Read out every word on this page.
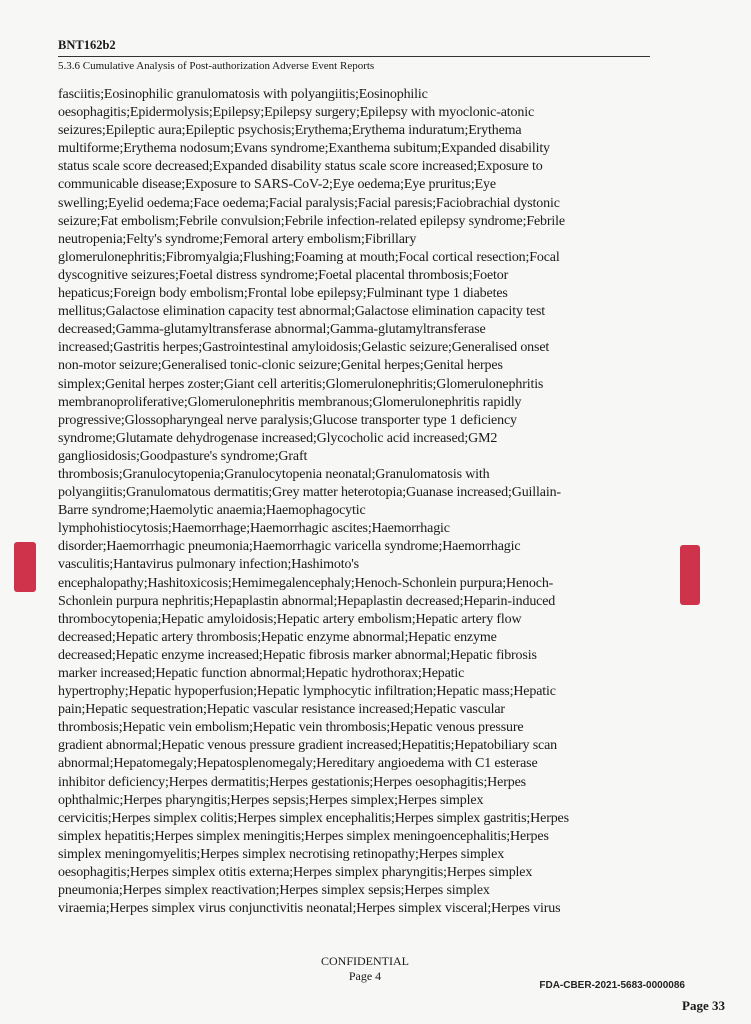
BNT162b2
5.3.6 Cumulative Analysis of Post-authorization Adverse Event Reports
fasciitis;Eosinophilic granulomatosis with polyangiitis;Eosinophilic
oesophagitis;Epidermolysis;Epilepsy;Epilepsy surgery;Epilepsy with myoclonic-atonic
seizures;Epileptic aura;Epileptic psychosis;Erythema;Erythema induratum;Erythema
multiforme;Erythema nodosum;Evans syndrome;Exanthema subitum;Expanded disability
status scale score decreased;Expanded disability status scale score increased;Exposure to
communicable disease;Exposure to SARS-CoV-2;Eye oedema;Eye pruritus;Eye
swelling;Eyelid oedema;Face oedema;Facial paralysis;Facial paresis;Faciobrachial dystonic
seizure;Fat embolism;Febrile convulsion;Febrile infection-related epilepsy syndrome;Febrile
neutropenia;Felty's syndrome;Femoral artery embolism;Fibrillary
glomerulonephritis;Fibromyalgia;Flushing;Foaming at mouth;Focal cortical resection;Focal
dyscognitive seizures;Foetal distress syndrome;Foetal placental thrombosis;Foetor
hepaticus;Foreign body embolism;Frontal lobe epilepsy;Fulminant type 1 diabetes
mellitus;Galactose elimination capacity test abnormal;Galactose elimination capacity test
decreased;Gamma-glutamyltransferase abnormal;Gamma-glutamyltransferase
increased;Gastritis herpes;Gastrointestinal amyloidosis;Gelastic seizure;Generalised onset
non-motor seizure;Generalised tonic-clonic seizure;Genital herpes;Genital herpes
simplex;Genital herpes zoster;Giant cell arteritis;Glomerulonephritis;Glomerulonephritis
membranoproliferative;Glomerulonephritis membranous;Glomerulonephritis rapidly
progressive;Glossopharyngeal nerve paralysis;Glucose transporter type 1 deficiency
syndrome;Glutamate dehydrogenase increased;Glycocholic acid increased;GM2
gangliosidosis;Goodpasture's syndrome;Graft
thrombosis;Granulocytopenia;Granulocytopenia neonatal;Granulomatosis with
polyangiitis;Granulomatous dermatitis;Grey matter heterotopia;Guanase increased;Guillain-
Barre syndrome;Haemolytic anaemia;Haemophagocytic
lymphohistiocytosis;Haemorrhage;Haemorrhagic ascites;Haemorrhagic
disorder;Haemorrhagic pneumonia;Haemorrhagic varicella syndrome;Haemorrhagic
vasculitis;Hantavirus pulmonary infection;Hashimoto's
encephalopathy;Hashitoxicosis;Hemimegalencephaly;Henoch-Schonlein purpura;Henoch-
Schonlein purpura nephritis;Hepaplastin abnormal;Hepaplastin decreased;Heparin-induced
thrombocytopenia;Hepatic amyloidosis;Hepatic artery embolism;Hepatic artery flow
decreased;Hepatic artery thrombosis;Hepatic enzyme abnormal;Hepatic enzyme
decreased;Hepatic enzyme increased;Hepatic fibrosis marker abnormal;Hepatic fibrosis
marker increased;Hepatic function abnormal;Hepatic hydrothorax;Hepatic
hypertrophy;Hepatic hypoperfusion;Hepatic lymphocytic infiltration;Hepatic mass;Hepatic
pain;Hepatic sequestration;Hepatic vascular resistance increased;Hepatic vascular
thrombosis;Hepatic vein embolism;Hepatic vein thrombosis;Hepatic venous pressure
gradient abnormal;Hepatic venous pressure gradient increased;Hepatitis;Hepatobiliary scan
abnormal;Hepatomegaly;Hepatosplenomegaly;Hereditary angioedema with C1 esterase
inhibitor deficiency;Herpes dermatitis;Herpes gestationis;Herpes oesophagitis;Herpes
ophthalmic;Herpes pharyngitis;Herpes sepsis;Herpes simplex;Herpes simplex
cervicitis;Herpes simplex colitis;Herpes simplex encephalitis;Herpes simplex gastritis;Herpes
simplex hepatitis;Herpes simplex meningitis;Herpes simplex meningoencephalitis;Herpes
simplex meningomyelitis;Herpes simplex necrotising retinopathy;Herpes simplex
oesophagitis;Herpes simplex otitis externa;Herpes simplex pharyngitis;Herpes simplex
pneumonia;Herpes simplex reactivation;Herpes simplex sepsis;Herpes simplex
viraemia;Herpes simplex virus conjunctivitis neonatal;Herpes simplex visceral;Herpes virus
CONFIDENTIAL
Page 4
FDA-CBER-2021-5683-0000086
Page 33
